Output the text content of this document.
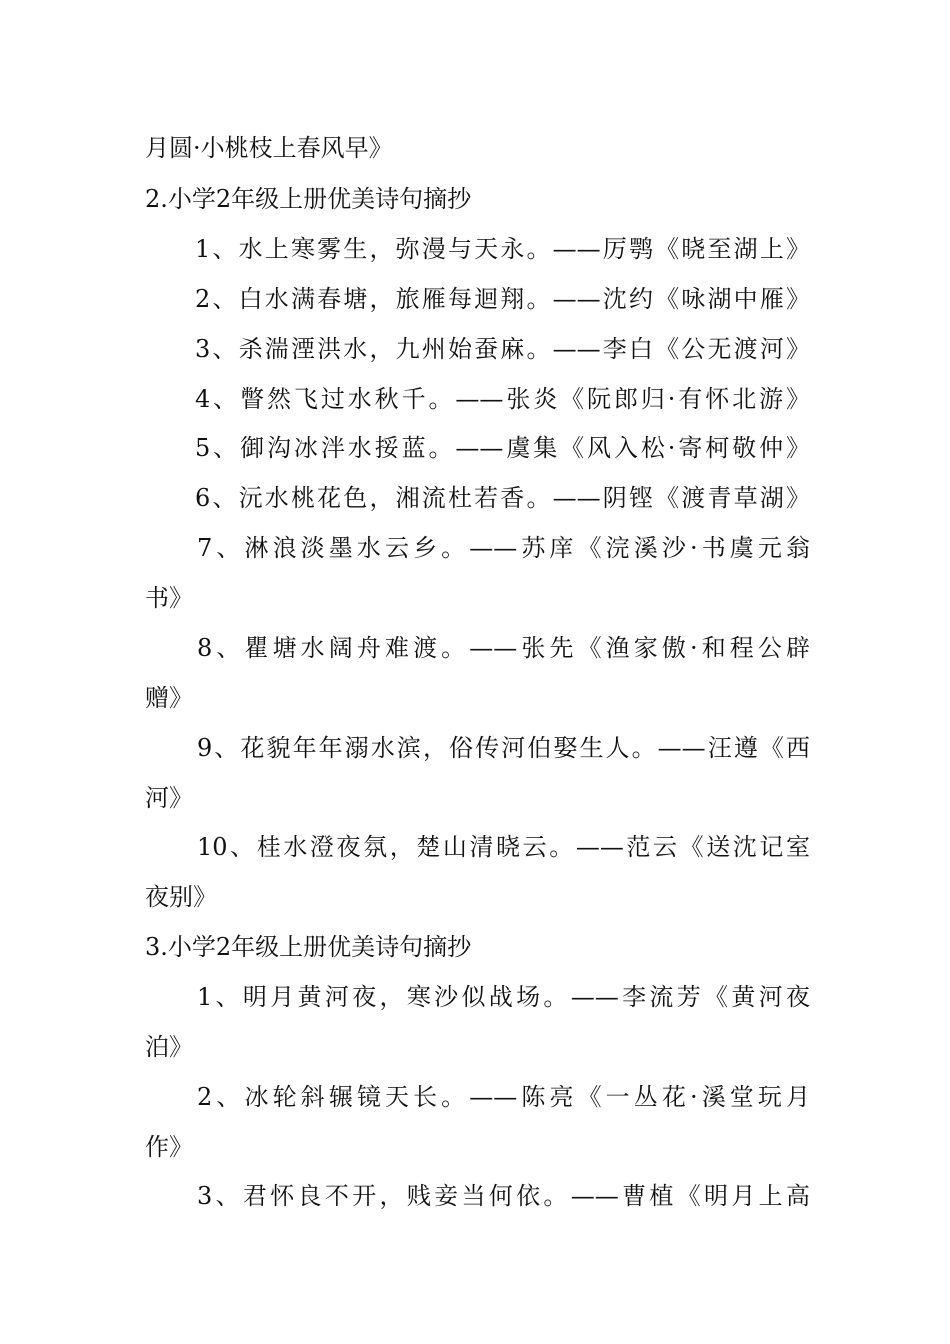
月圆·小桃枝上春风早》
2.小学2年级上册优美诗句摘抄
1、水上寒雾生，弥漫与天永。——厉鹗《晓至湖上》
2、白水满春塘，旅雁每迴翔。——沈约《咏湖中雁》
3、杀湍湮洪水，九州始蚕麻。——李白《公无渡河》
4、瞥然飞过水秋千。——张炎《阮郎归·有怀北游》
5、御沟冰泮水挼蓝。——虞集《风入松·寄柯敬仲》
6、沅水桃花色，湘流杜若香。——阴铿《渡青草湖》
7、淋浪淡墨水云乡。——苏庠《浣溪沙·书虞元翁
书》
8、瞿塘水阔舟难渡。——张先《渔家傲·和程公辟
赠》
9、花貌年年溺水滨，俗传河伯娶生人。——汪遵《西
河》
10、桂水澄夜氛，楚山清晓云。——范云《送沈记室
夜别》
3.小学2年级上册优美诗句摘抄
1、明月黄河夜，寒沙似战场。——李流芳《黄河夜
泊》
2、冰轮斜辗镜天长。——陈亮《一丛花·溪堂玩月
作》
3、君怀良不开，贱妾当何依。——曹植《明月上高
